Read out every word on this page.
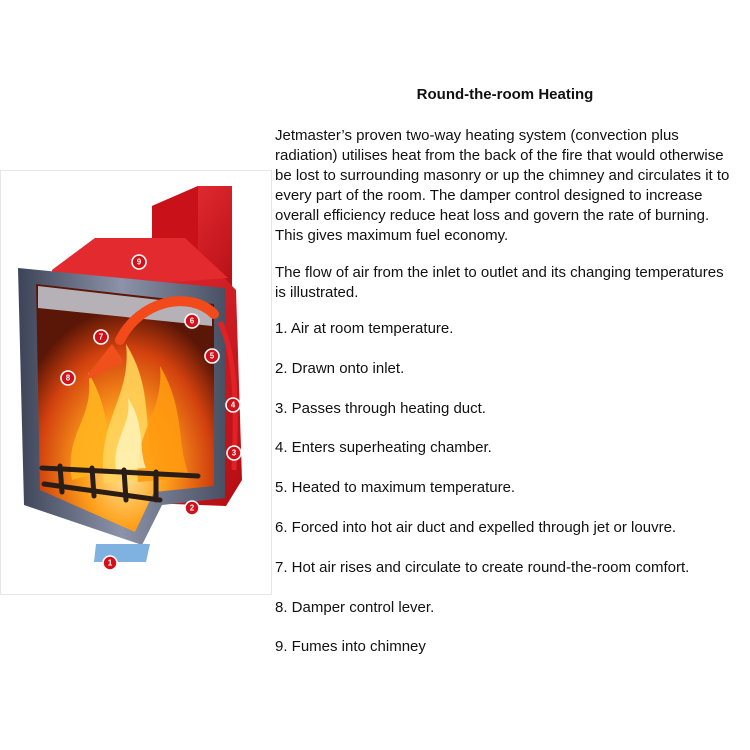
1
2
3
4
5
6
7
8
9
Round-the-room Heating

Jetmaster’s proven two-way heating system (convection plus radiation) utilises heat from the back of the fire that would otherwise be lost to surrounding masonry or up the chimney and circulates it to every part of the room. The damper control designed to increase overall efficiency reduce heat loss and govern the rate of burning. This gives maximum fuel economy.

The flow of air from the inlet to outlet and its changing temperatures is illustrated.

1. Air at room temperature.
2. Drawn onto inlet.
3. Passes through heating duct.
4. Enters superheating chamber.
5. Heated to maximum temperature.
6. Forced into hot air duct and expelled through jet or louvre.
7. Hot air rises and circulate to create round-the-room comfort.
8. Damper control lever.
9. Fumes into chimney
